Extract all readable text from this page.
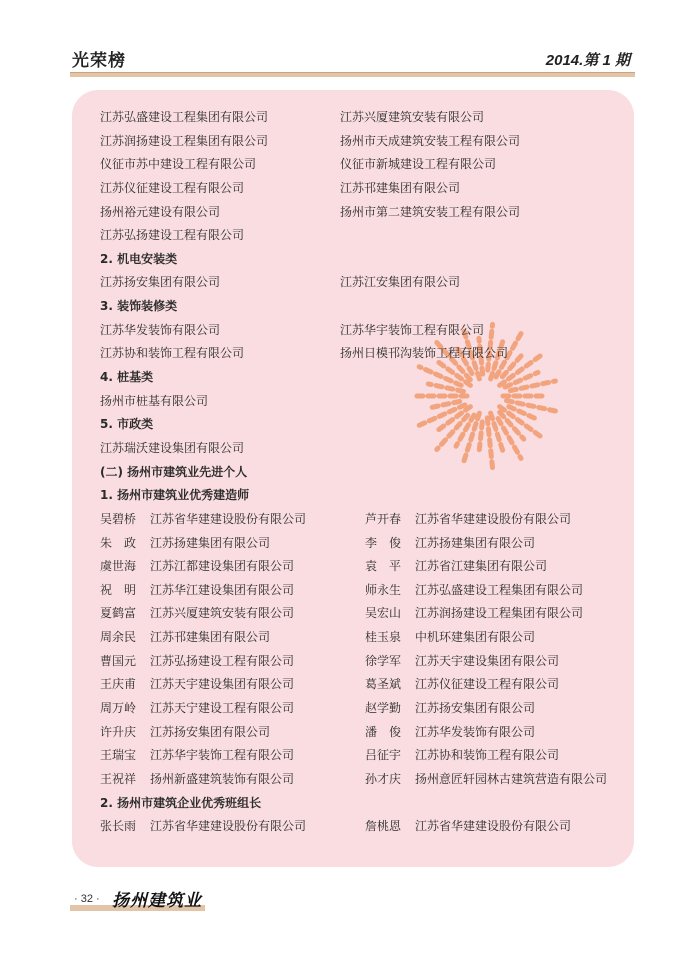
光荣榜	2014.第 1 期
江苏弘盛建设工程集团有限公司	江苏兴厦建筑安装有限公司
江苏润扬建设工程集团有限公司	扬州市天成建筑安装工程有限公司
仪征市苏中建设工程有限公司	仪征市新城建设工程有限公司
江苏仪征建设工程有限公司	江苏邗建集团有限公司
扬州裕元建设有限公司	扬州市第二建筑安装工程有限公司
江苏弘扬建设工程有限公司
2. 机电安装类
江苏扬安集团有限公司	江苏江安集团有限公司
3. 装饰装修类
江苏华发装饰有限公司	江苏华宇装饰工程有限公司
江苏协和装饰工程有限公司	扬州日模邗沟装饰工程有限公司
4. 桩基类
扬州市桩基有限公司
5. 市政类
江苏瑞沃建设集团有限公司
(二) 扬州市建筑业先进个人
1. 扬州市建筑业优秀建造师
吴碧桥 江苏省华建建设股份有限公司	芦开春 江苏省华建建设股份有限公司
朱　政 江苏扬建集团有限公司	李　俊 江苏扬建集团有限公司
虞世海 江苏江都建设集团有限公司	袁　平 江苏省江建集团有限公司
祝　明 江苏华江建设集团有限公司	师永生 江苏弘盛建设工程集团有限公司
夏鹤富 江苏兴厦建筑安装有限公司	吴宏山 江苏润扬建设工程集团有限公司
周余民 江苏邗建集团有限公司	桂玉泉 中机环建集团有限公司
曹国元 江苏弘扬建设工程有限公司	徐学军 江苏天宇建设集团有限公司
王庆甫 江苏天宇建设集团有限公司	葛圣斌 江苏仪征建设工程有限公司
周万岭 江苏天宁建设工程有限公司	赵学勤 江苏扬安集团有限公司
许升庆 江苏扬安集团有限公司	潘　俊 江苏华发装饰有限公司
王瑞宝 江苏华宇装饰工程有限公司	吕征宇 江苏协和装饰工程有限公司
王祝祥 扬州新盛建筑装饰有限公司	孙才庆 扬州意匠轩园林古建筑营造有限公司
2. 扬州市建筑企业优秀班组长
张长雨 江苏省华建建设股份有限公司	詹桃恩 江苏省华建建设股份有限公司
· 32 · 扬州建筑业
